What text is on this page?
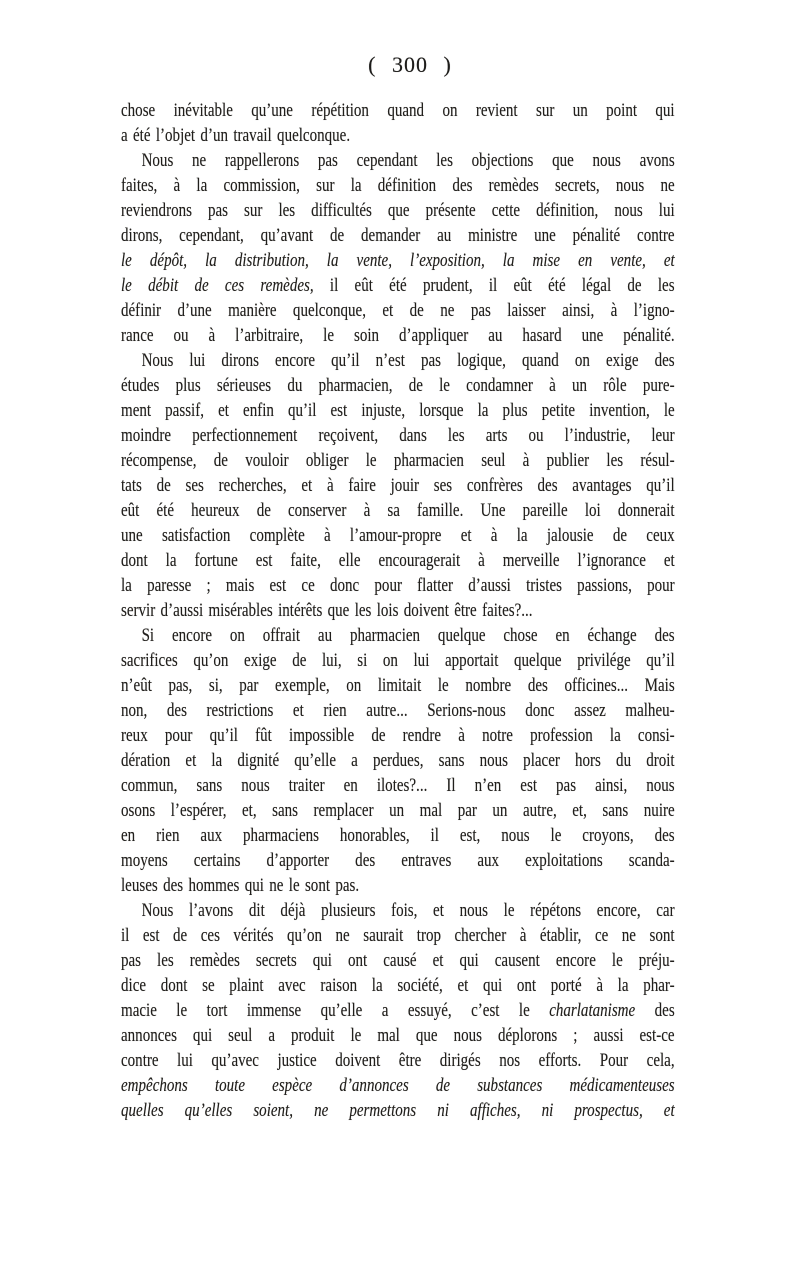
( 300 )
chose inévitable qu’une répétition quand on revient sur un point qui
a été l’objet d’un travail quelconque.
Nous ne rappellerons pas cependant les objections que nous avons
faites, à la commission, sur la définition des remèdes secrets, nous ne
reviendrons pas sur les difficultés que présente cette définition, nous lui
dirons, cependant, qu’avant de demander au ministre une pénalité contre
le dépôt, la distribution, la vente, l’exposition, la mise en vente, et
le débit de ces remèdes, il eût été prudent, il eût été légal de les
définir d’une manière quelconque, et de ne pas laisser ainsi, à l’igno-
rance ou à l’arbitraire, le soin d’appliquer au hasard une pénalité.
Nous lui dirons encore qu’il n’est pas logique, quand on exige des
études plus sérieuses du pharmacien, de le condamner à un rôle pure-
ment passif, et enfin qu’il est injuste, lorsque la plus petite invention, le
moindre perfectionnement reçoivent, dans les arts ou l’industrie, leur
récompense, de vouloir obliger le pharmacien seul à publier les résul-
tats de ses recherches, et à faire jouir ses confrères des avantages qu’il
eût été heureux de conserver à sa famille. Une pareille loi donnerait
une satisfaction complète à l’amour-propre et à la jalousie de ceux
dont la fortune est faite, elle encouragerait à merveille l’ignorance et
la paresse ; mais est ce donc pour flatter d’aussi tristes passions, pour
servir d’aussi misérables intérêts que les lois doivent être faites?...
Si encore on offrait au pharmacien quelque chose en échange des
sacrifices qu’on exige de lui, si on lui apportait quelque privilége qu’il
n’eût pas, si, par exemple, on limitait le nombre des officines... Mais
non, des restrictions et rien autre... Serions-nous donc assez malheu-
reux pour qu’il fût impossible de rendre à notre profession la consi-
dération et la dignité qu’elle a perdues, sans nous placer hors du droit
commun, sans nous traiter en ilotes?... Il n’en est pas ainsi, nous
osons l’espérer, et, sans remplacer un mal par un autre, et, sans nuire
en rien aux pharmaciens honorables, il est, nous le croyons, des
moyens certains d’apporter des entraves aux exploitations scanda-
leuses des hommes qui ne le sont pas.
Nous l’avons dit déjà plusieurs fois, et nous le répétons encore, car
il est de ces vérités qu’on ne saurait trop chercher à établir, ce ne sont
pas les remèdes secrets qui ont causé et qui causent encore le préju-
dice dont se plaint avec raison la société, et qui ont porté à la phar-
macie le tort immense qu’elle a essuyé, c’est le charlatanisme des
annonces qui seul a produit le mal que nous déplorons ; aussi est-ce
contre lui qu’avec justice doivent être dirigés nos efforts. Pour cela,
empêchons toute espèce d’annonces de substances médicamenteuses
quelles qu’elles soient, ne permettons ni affiches, ni prospectus, et
